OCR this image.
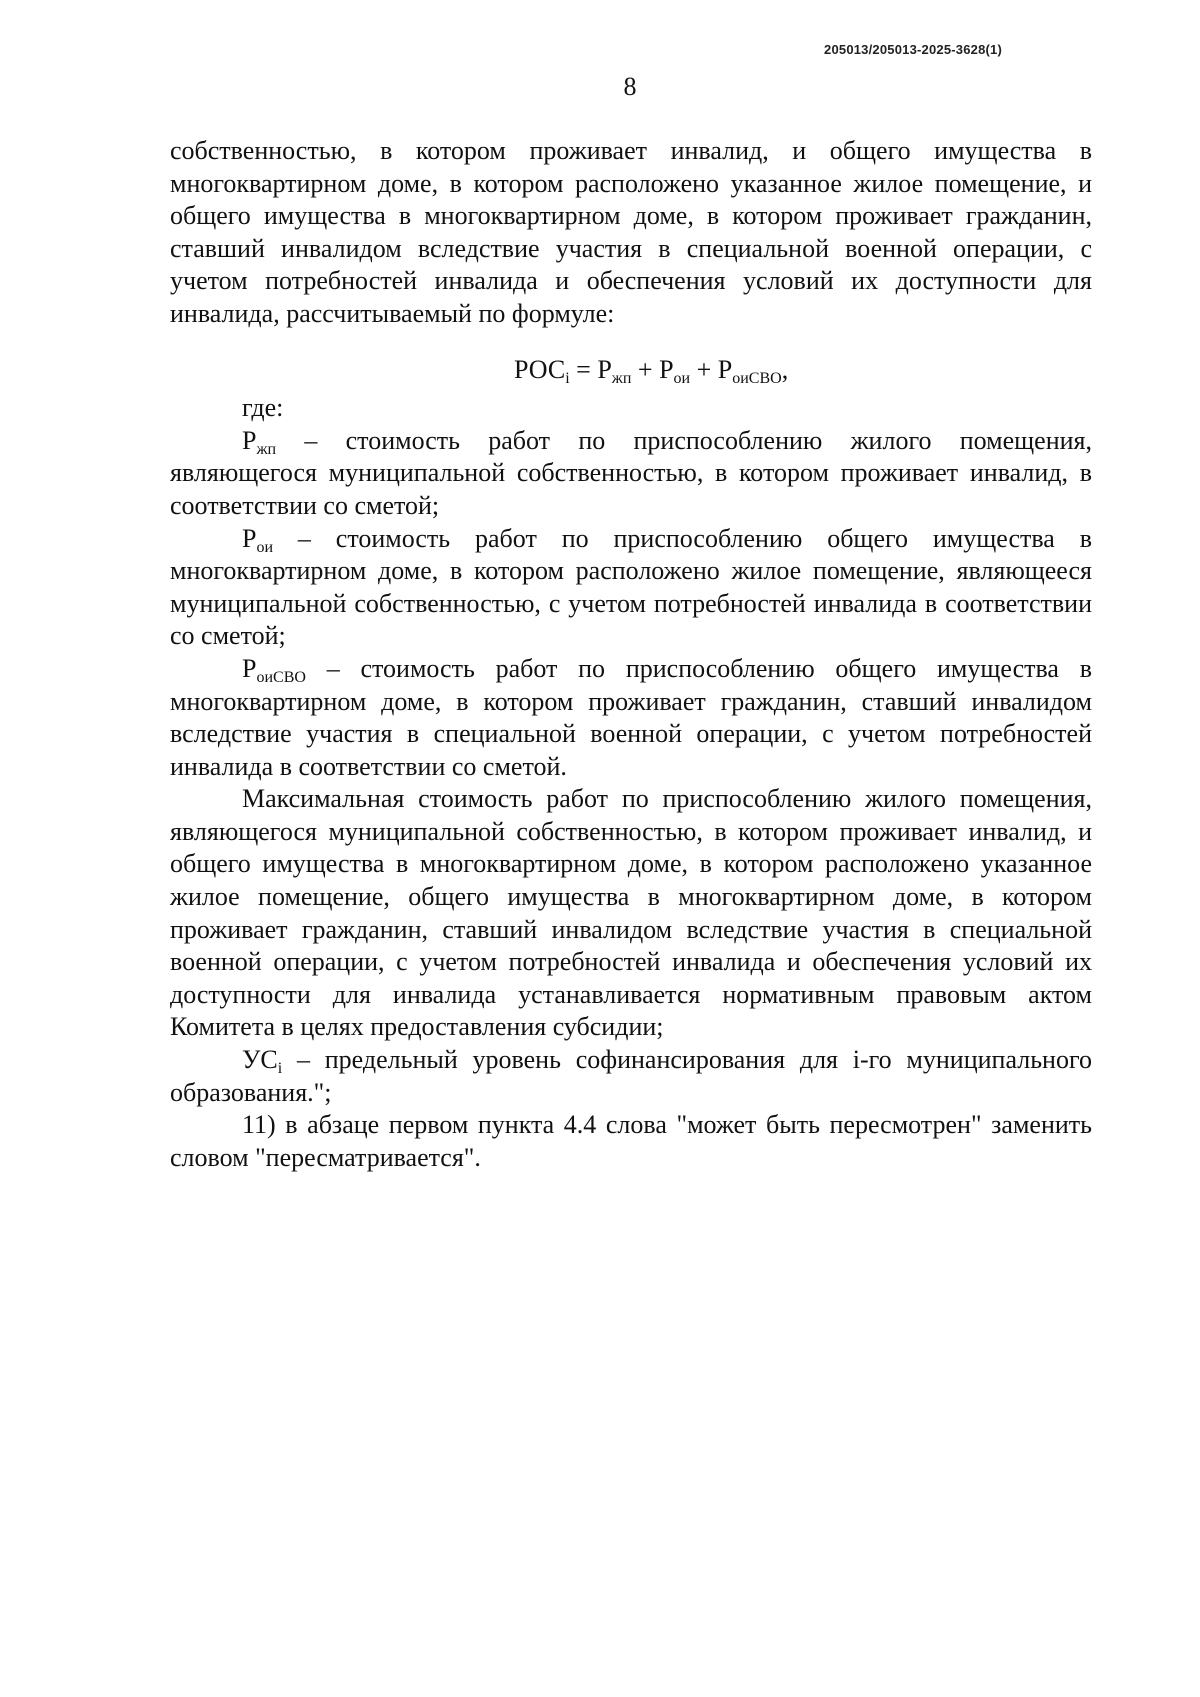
205013/205013-2025-3628(1)
8

собственностью, в котором проживает инвалид, и общего имущества в многоквартирном доме, в котором расположено указанное жилое помещение, и общего имущества в многоквартирном доме, в котором проживает гражданин, ставший инвалидом вследствие участия в специальной военной операции, с учетом потребностей инвалида и обеспечения условий их доступности для инвалида, рассчитываемый по формуле:

$РОС_i = Р_{жп} + Р_{ои} + Р_{оиСВО}$,

где:

$Р_{жп}$ – стоимость работ по приспособлению жилого помещения, являющегося муниципальной собственностью, в котором проживает инвалид, в соответствии со сметой;

$Р_{ои}$ – стоимость работ по приспособлению общего имущества в многоквартирном доме, в котором расположено жилое помещение, являющееся муниципальной собственностью, с учетом потребностей инвалида в соответствии со сметой;

$Р_{оиСВО}$ – стоимость работ по приспособлению общего имущества в многоквартирном доме, в котором проживает гражданин, ставший инвалидом вследствие участия в специальной военной операции, с учетом потребностей инвалида в соответствии со сметой.

Максимальная стоимость работ по приспособлению жилого помещения, являющегося муниципальной собственностью, в котором проживает инвалид, и общего имущества в многоквартирном доме, в котором расположено указанное жилое помещение, общего имущества в многоквартирном доме, в котором проживает гражданин, ставший инвалидом вследствие участия в специальной военной операции, с учетом потребностей инвалида и обеспечения условий их доступности для инвалида устанавливается нормативным правовым актом Комитета в целях предоставления субсидии;

$УС_i$ – предельный уровень софинансирования для i-го муниципального образования.";

11) в абзаце первом пункта 4.4 слова "может быть пересмотрен" заменить словом "пересматривается".
